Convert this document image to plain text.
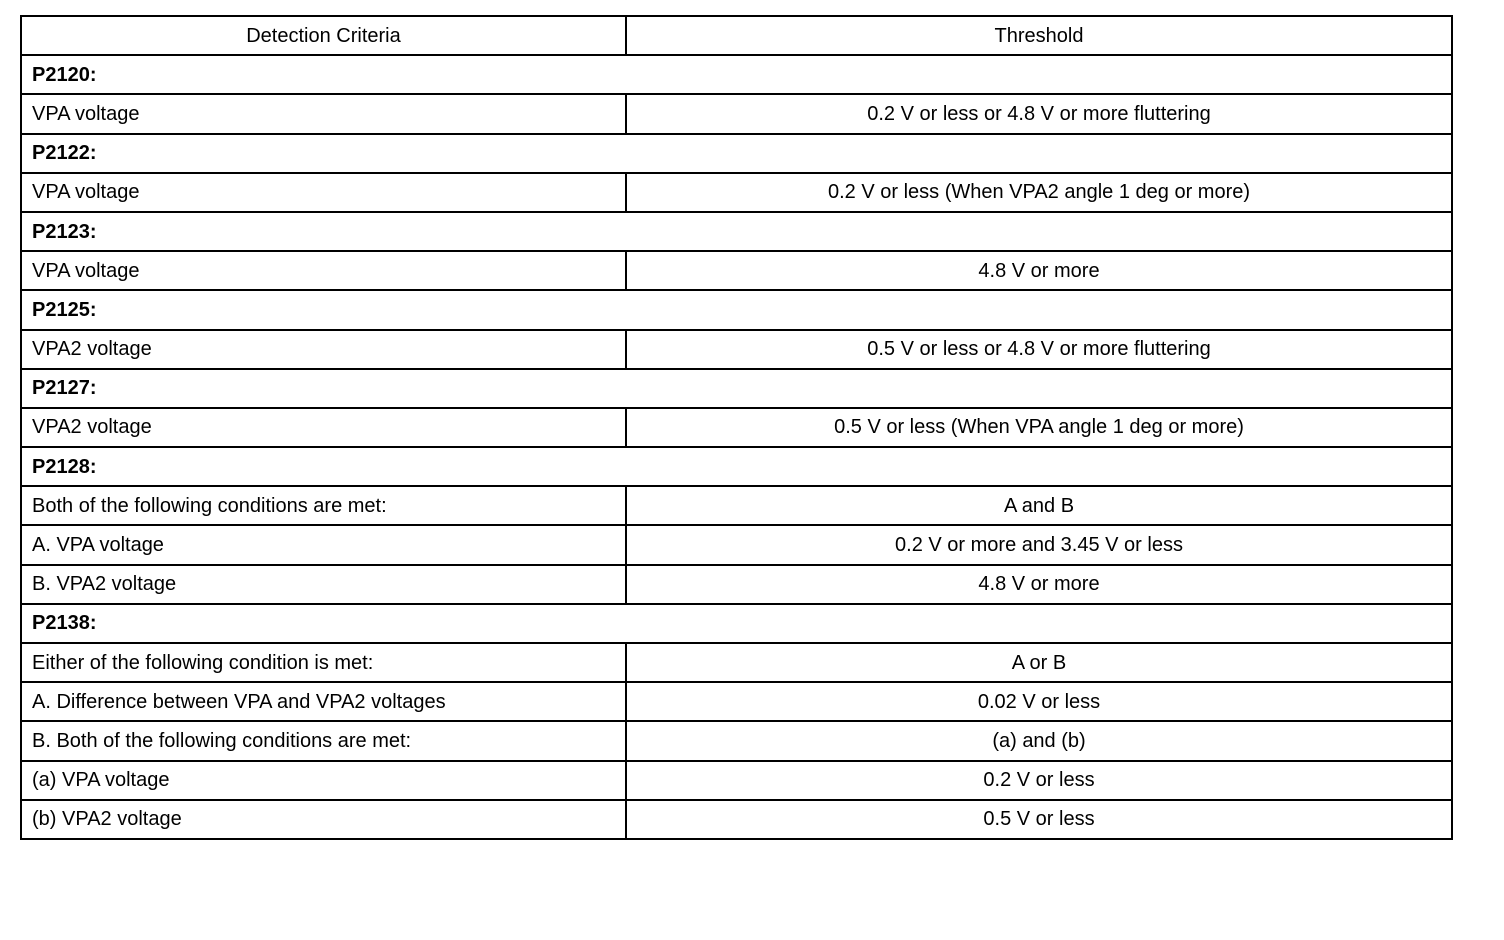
Detection Criteria	Threshold
P2120:	
VPA voltage	0.2 V or less or 4.8 V or more fluttering
P2122:	
VPA voltage	0.2 V or less (When VPA2 angle 1 deg or more)
P2123:	
VPA voltage	4.8 V or more
P2125:	
VPA2 voltage	0.5 V or less or 4.8 V or more fluttering
P2127:	
VPA2 voltage	0.5 V or less (When VPA angle 1 deg or more)
P2128:	
Both of the following conditions are met:	A and B
A. VPA voltage	0.2 V or more and 3.45 V or less
B. VPA2 voltage	4.8 V or more
P2138:	
Either of the following condition is met:	A or B
A. Difference between VPA and VPA2 voltages	0.02 V or less
B. Both of the following conditions are met:	(a) and (b)
(a) VPA voltage	0.2 V or less
(b) VPA2 voltage	0.5 V or less
